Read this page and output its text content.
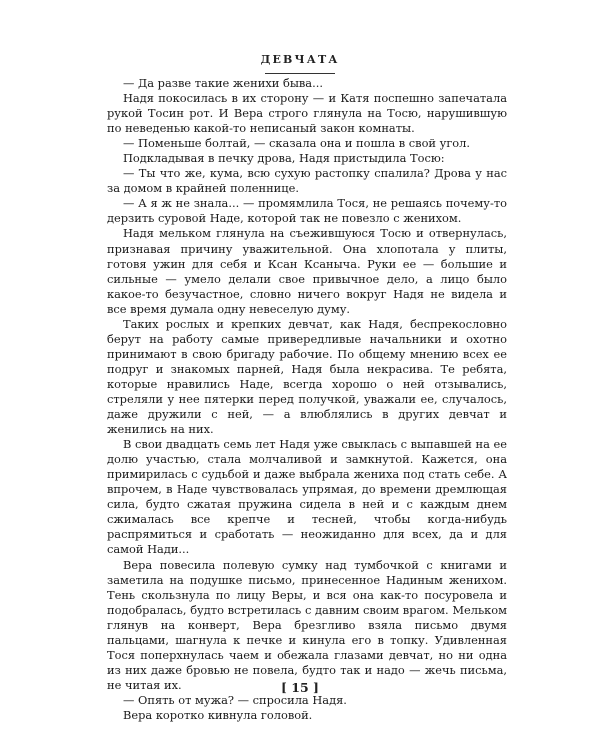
ДЕВЧАТА

— Да разве такие женихи быва...

Надя покосилась в их сторону — и Катя поспешно запечатала рукой Тосин рот. И Вера строго глянула на Тосю, нарушившую по неведенью какой-то неписаный закон комнаты.

— Поменьше болтай, — сказала она и пошла в свой угол.

Подкладывая в печку дрова, Надя пристыдила Тосю:

— Ты что же, кума, всю сухую растопку спалила? Дрова у нас за домом в крайней поленнице.

— А я ж не знала... — промямлила Тося, не решаясь почему-то дерзить суровой Наде, которой так не повезло с женихом.

Надя мельком глянула на съежившуюся Тосю и отвернулась, признавая причину уважительной. Она хлопотала у плиты, готовя ужин для себя и Ксан Ксаныча. Руки ее — большие и сильные — умело делали свое привычное дело, а лицо было какое-то безучастное, словно ничего вокруг Надя не видела и все время думала одну невеселую думу.

Таких рослых и крепких девчат, как Надя, беспрекословно берут на работу самые привередливые начальники и охотно принимают в свою бригаду рабочие. По общему мнению всех ее подруг и знакомых парней, Надя была некрасива. Те ребята, которые нравились Наде, всегда хорошо о ней отзывались, стреляли у нее пятерки перед получкой, уважали ее, случалось, даже дружили с ней, — а влюблялись в других девчат и женились на них.

В свои двадцать семь лет Надя уже свыклась с выпавшей на ее долю участью, стала молчаливой и замкнутой. Кажется, она примирилась с судьбой и даже выбрала жениха под стать себе. А впрочем, в Наде чувствовалась упрямая, до времени дремлющая сила, будто сжатая пружина сидела в ней и с каждым днем сжималась все крепче и тесней, чтобы когда-нибудь распрямиться и сработать — неожиданно для всех, да и для самой Нади...

Вера повесила полевую сумку над тумбочкой с книгами и заметила на подушке письмо, принесенное Надиным женихом. Тень скользнула по лицу Веры, и вся она как-то посуровела и подобралась, будто встретилась с давним своим врагом. Мельком глянув на конверт, Вера брезгливо взяла письмо двумя пальцами, шагнула к печке и кинула его в топку. Удивленная Тося поперхнулась чаем и обежала глазами девчат, но ни одна из них даже бровью не повела, будто так и надо — жечь письма, не читая их.

— Опять от мужа? — спросила Надя.

Вера коротко кивнула головой.

[ 15 ]
